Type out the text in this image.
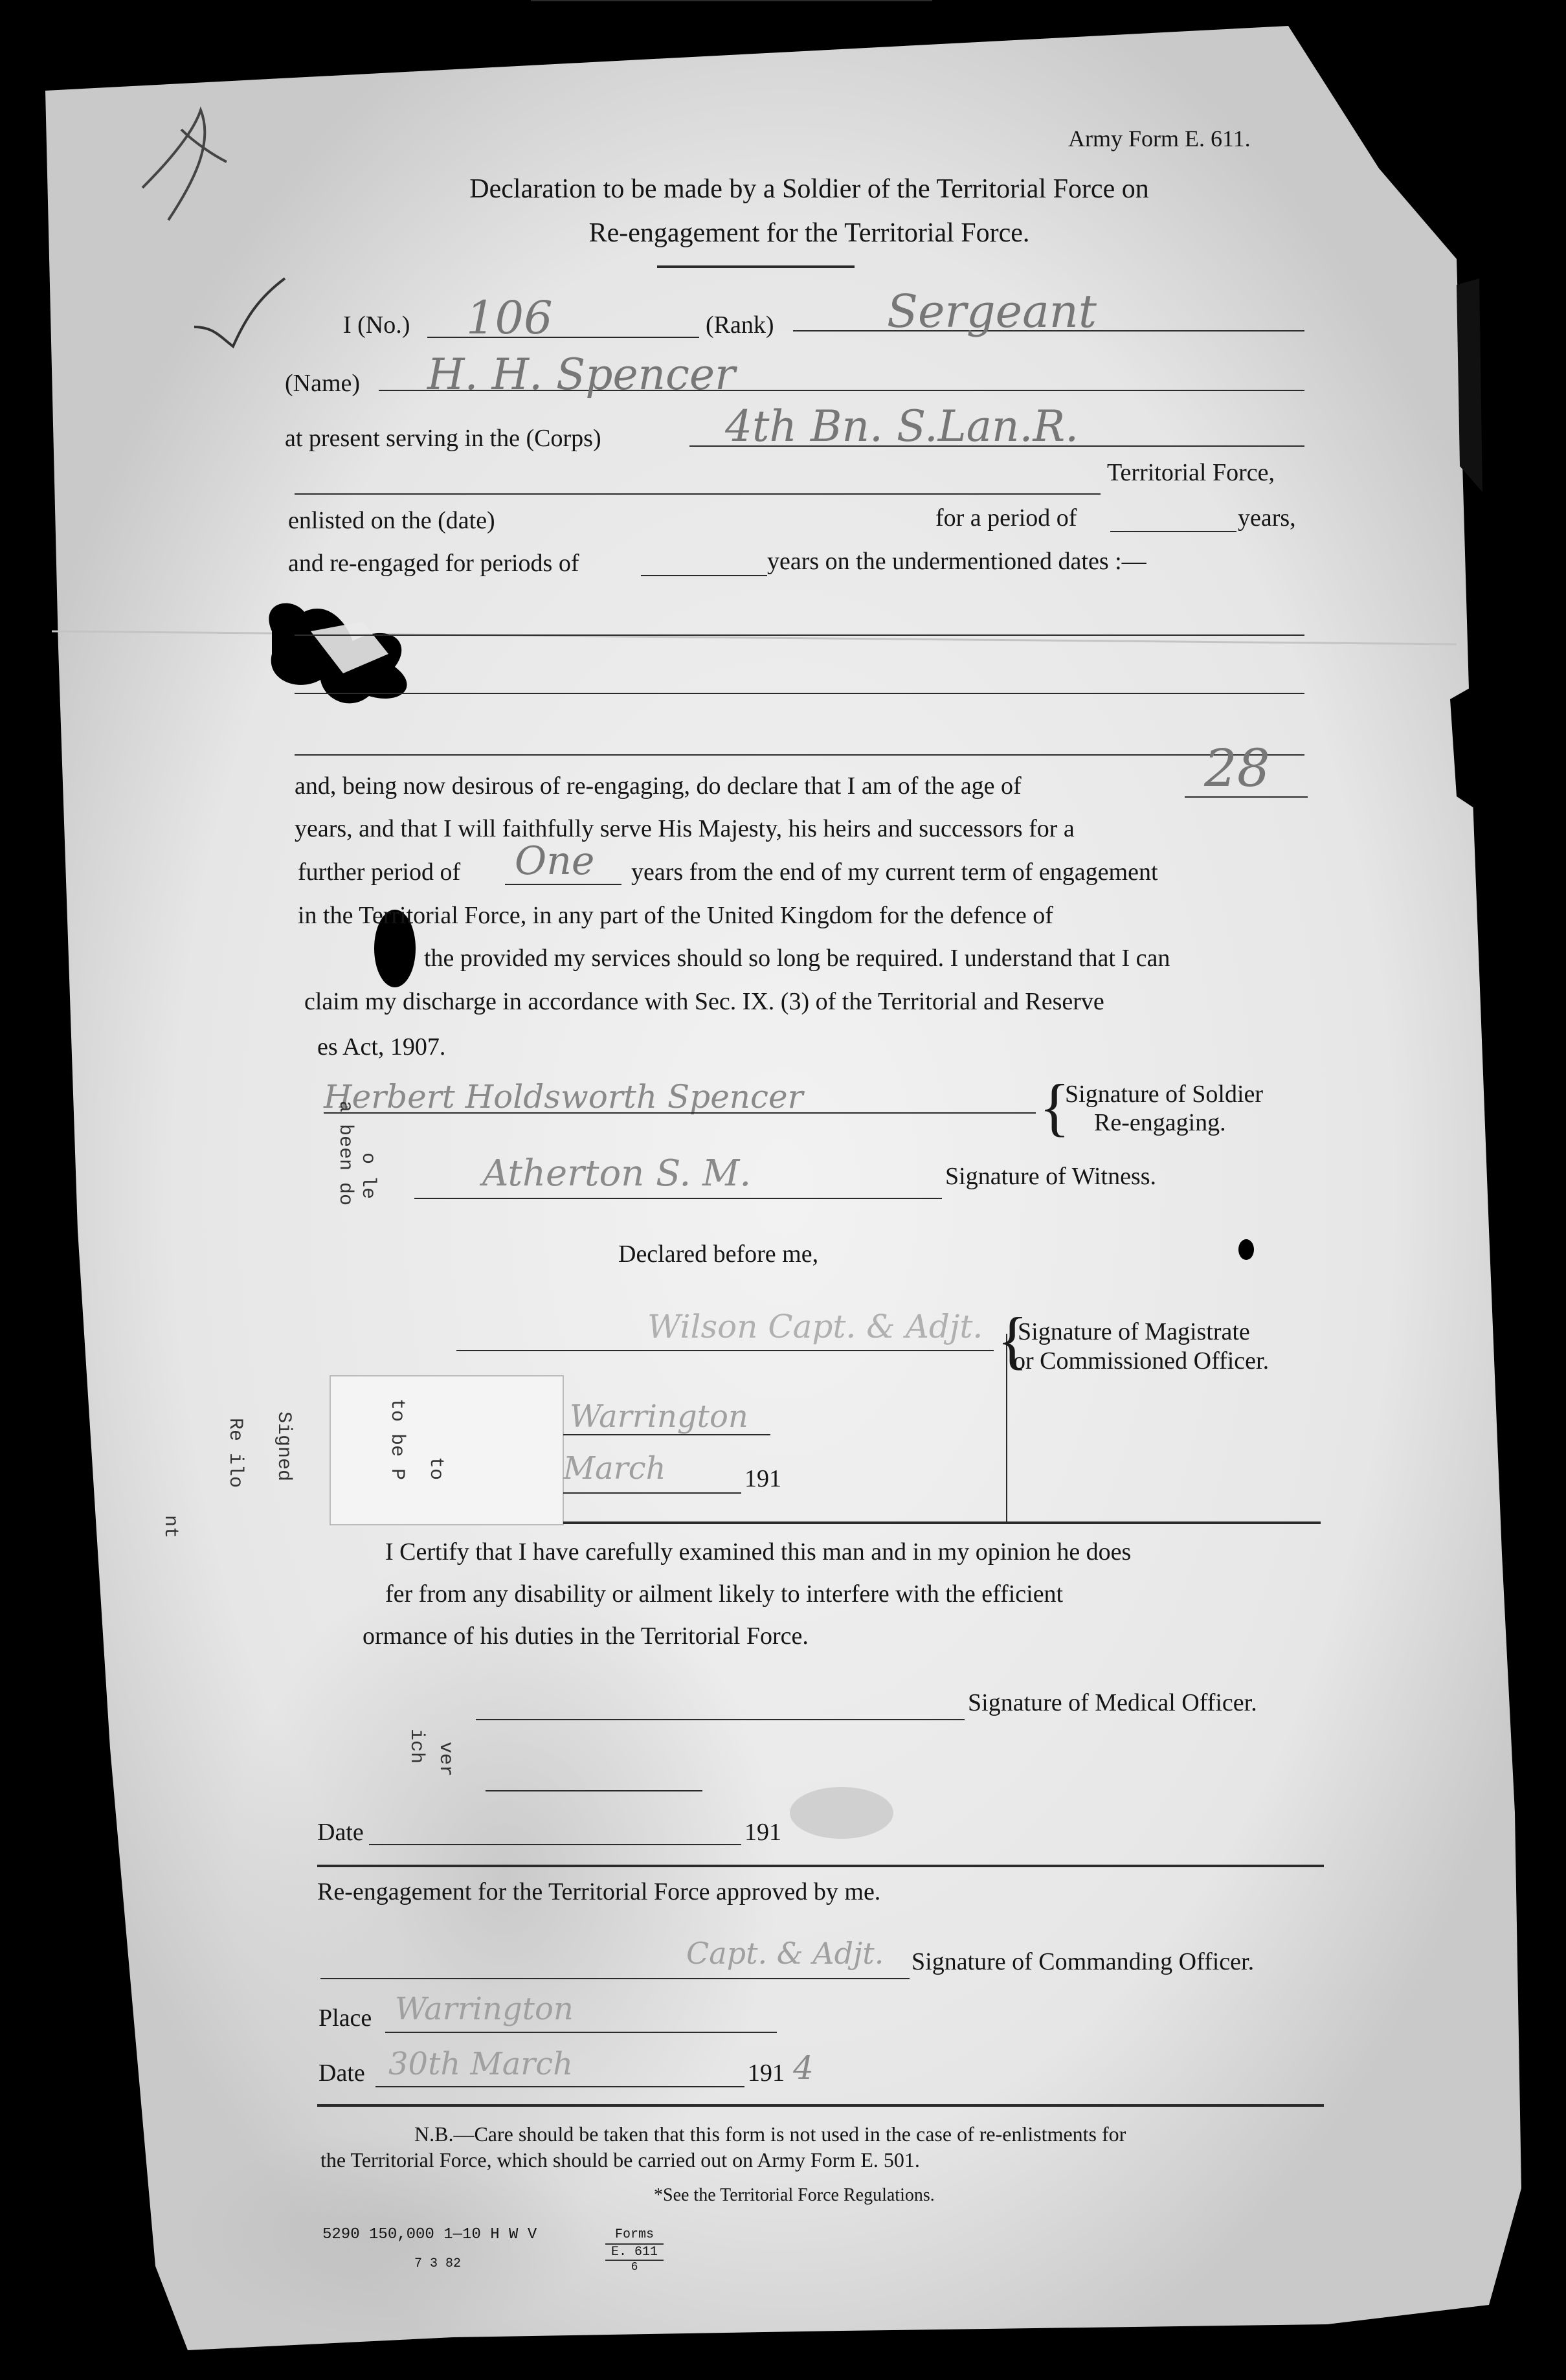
Army Form E. 611.
Declaration to be made by a Soldier of the Territorial Force on
Re-engagement for the Territorial Force.
I (No.) 106	(Rank) Sergeant
(Name) H. H. Spencer
at present serving in the (Corps)	4th Bn. S.Lan.R.
Territorial Force,
enlisted on the (date)	for a period of	years,
and re-engaged for periods of	years on the undermentioned dates :—
and, being now desirous of re-engaging, do declare that I am of the age of	28
years, and that I will faithfully serve His Majesty, his heirs and successors for a
further period of One years from the end of my current term of engagement
in the Territorial Force, in any part of the United Kingdom for the defence of
the provided my services should so long be required. I understand that I can
claim my discharge in accordance with Sec. IX. (3) of the Territorial and Reserve
es Act, 1907.
Herbert Holdsworth Spencer	{
Signature of Soldier
Re-engaging.
Atherton S. M.	Signature of Witness.
Declared before me,
Wilson Capt. & Adjt. {
Signature of Magistrate
or Commissioned Officer.
Warrington
March	191
I Certify that I have carefully examined this man and in my opinion he does
fer from any disability or ailment likely to interfere with the efficient
ormance of his duties in the Territorial Force.
Signature of Medical Officer.
Date	191
Re-engagement for the Territorial Force approved by me.
Capt. & Adjt. Signature of Commanding Officer.
Place Warrington
Date 30th March	191 4
N.B.—Care should be taken that this form is not used in the case of re-enlistments for
the Territorial Force, which should be carried out on Army Form E. 501.
*See the Territorial Force Regulations.
5290 150,000 1—10 H W V
7 3 82
Forms
E. 611
6
o le
a been do
to
to be P
Signed
Re ilo
nt
ver
ich
